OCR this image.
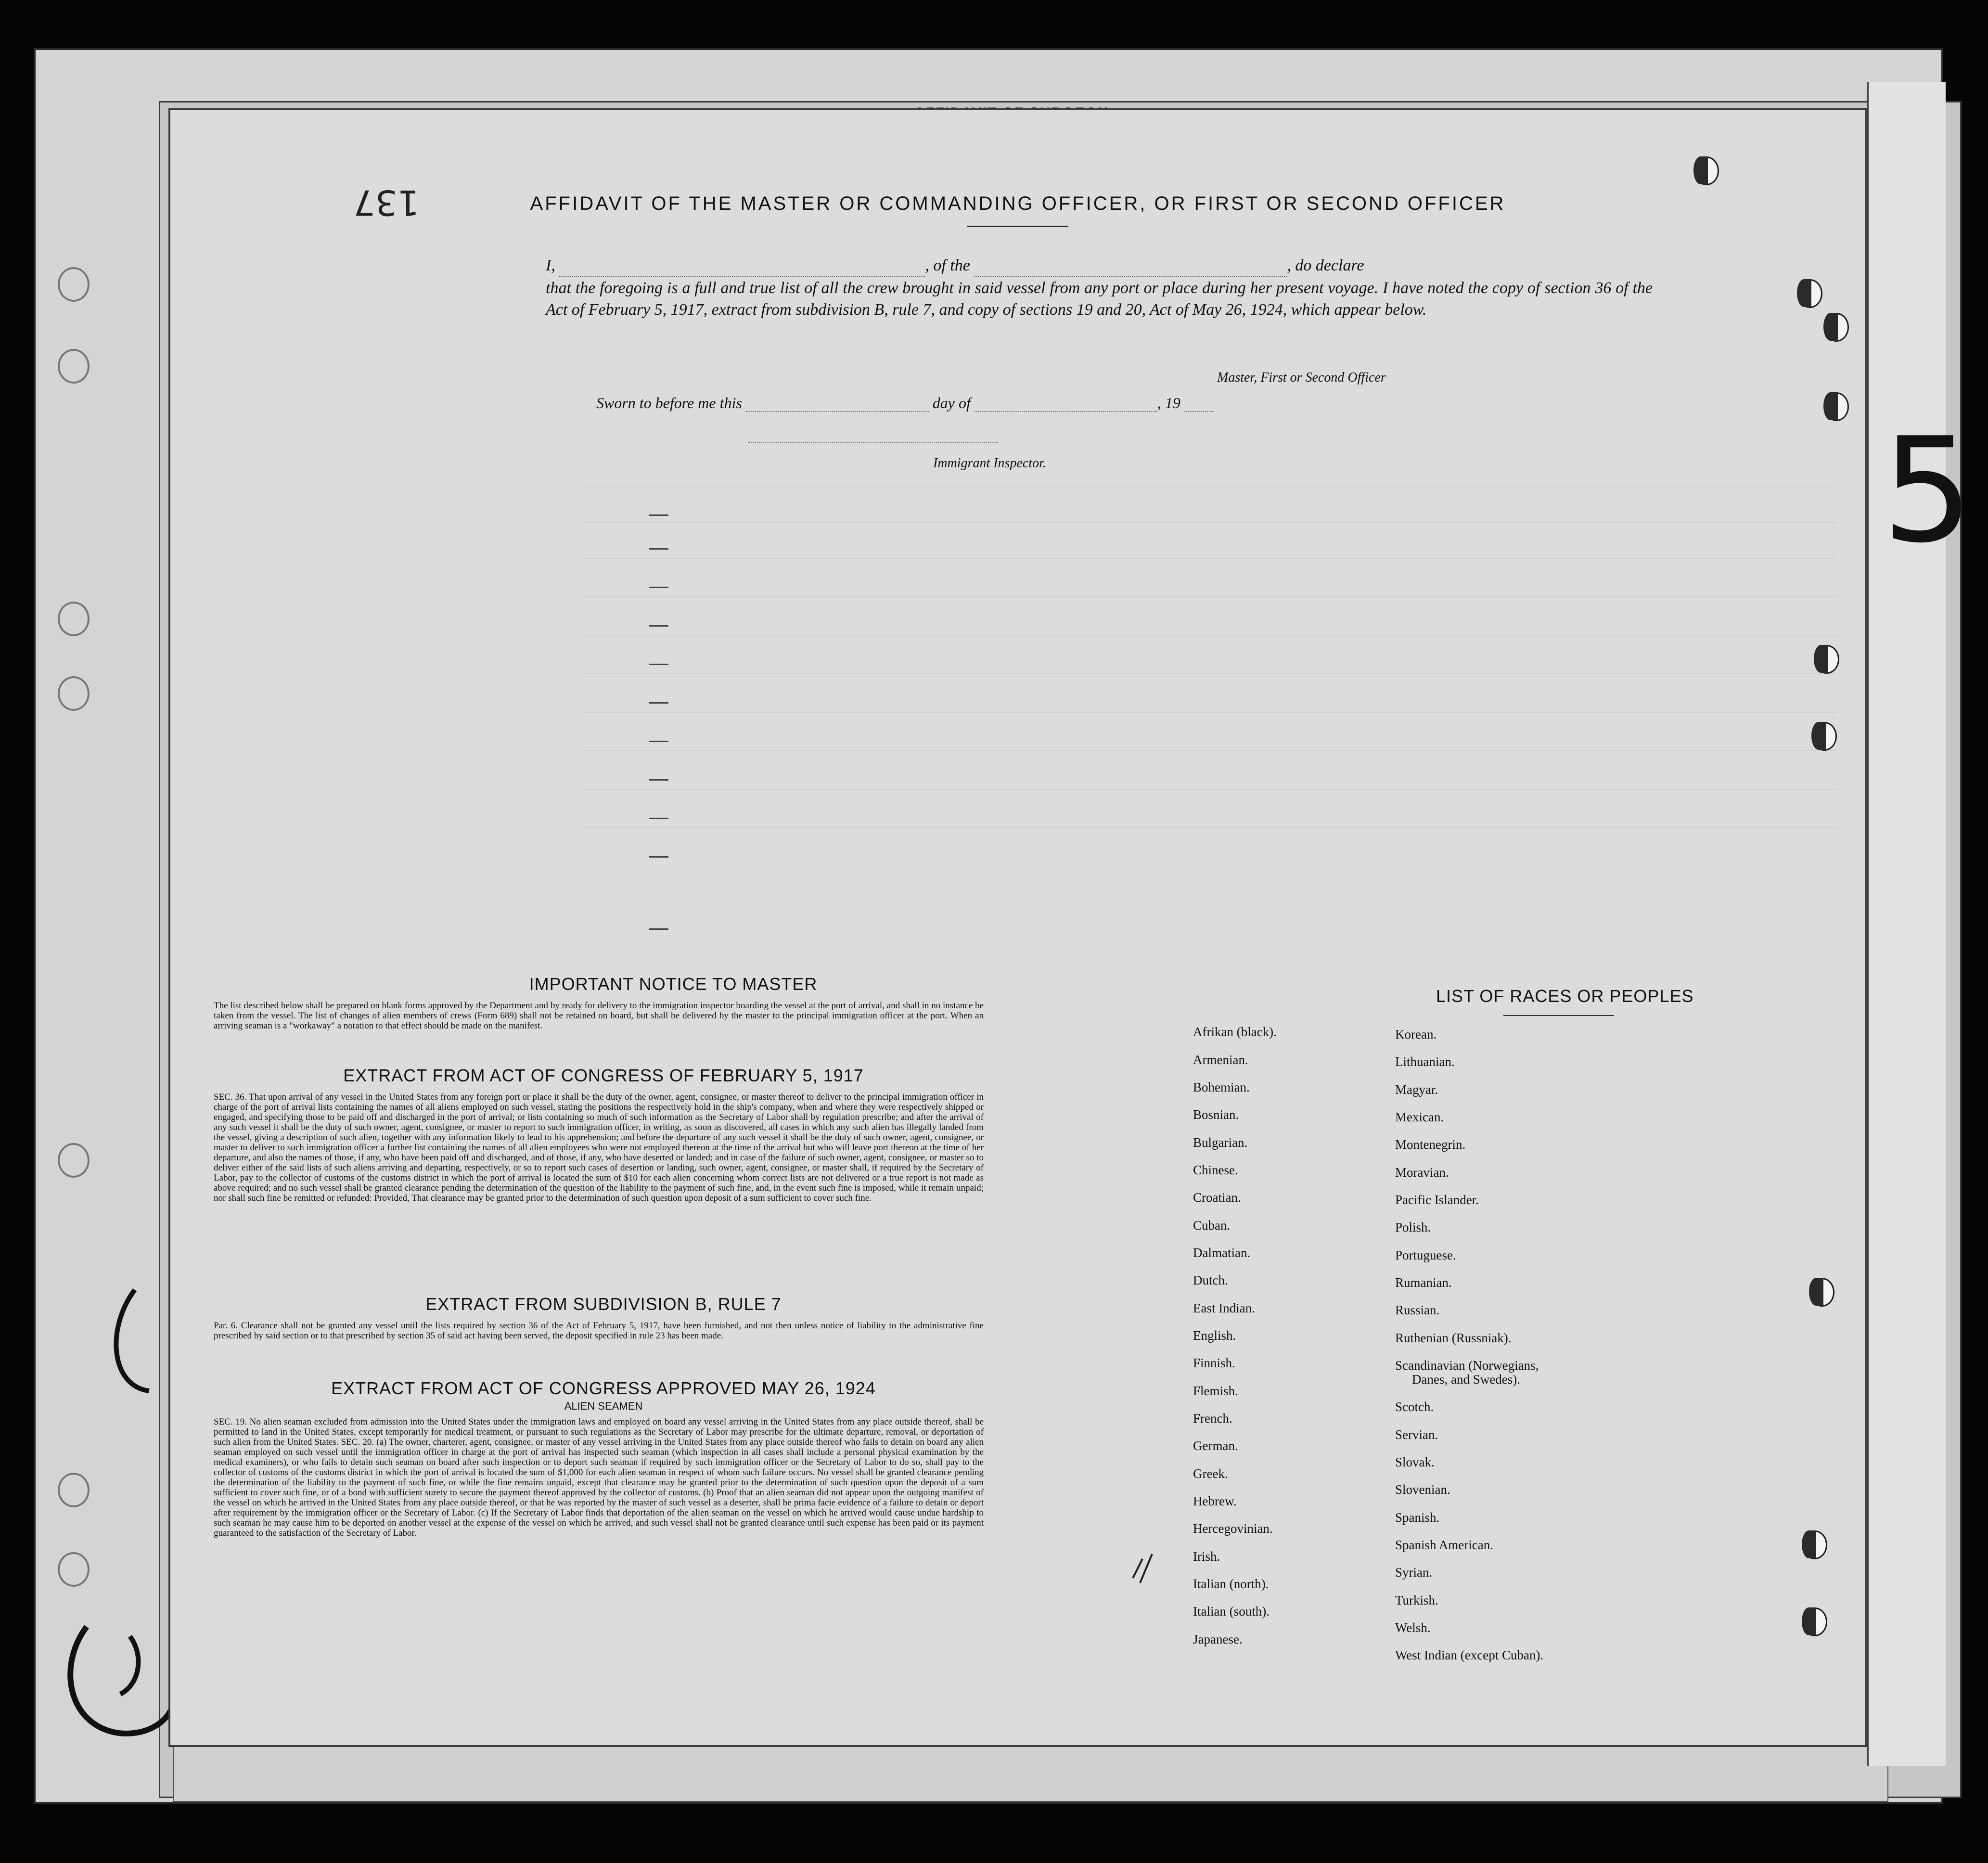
5
137	AFFIDAVIT OF THE MASTER OR COMMANDING OFFICER, OR FIRST OR SECOND OFFICER
I,	, of the	, do declare
that the foregoing is a full and true list of all the crew brought in said vessel from any port or place during her present voyage. I have noted the copy of section 36 of the Act of February 5, 1917, extract from subdivision B, rule 7, and copy of sections 19 and 20, Act of May 26, 1924, which appear below.
Master, First or Second Officer
Sworn to before me this	day of	, 19
Immigrant Inspector.
IMPORTANT NOTICE TO MASTER
The list described below shall be prepared on blank forms approved by the Department and by ready for delivery to the immigration inspector boarding the vessel at the port of arrival, and shall in no instance be taken from the vessel. The list of changes of alien members of crews (Form 689) shall not be retained on board, but shall be delivered by the master to the principal immigration officer at the port. When an arriving seaman is a "workaway" a notation to that effect should be made on the manifest.
EXTRACT FROM ACT OF CONGRESS OF FEBRUARY 5, 1917
SEC. 36. That upon arrival of any vessel in the United States from any foreign port or place it shall be the duty of the owner, agent, consignee, or master thereof to deliver to the principal immigration officer in charge of the port of arrival lists containing the names of all aliens employed on such vessel, stating the positions the respectively hold in the ship's company, when and where they were respectively shipped or engaged, and specifying those to be paid off and discharged in the port of arrival; or lists containing so much of such information as the Secretary of Labor shall by regulation prescribe; and after the arrival of any such vessel it shall be the duty of such owner, agent, consignee, or master to report to such immigration officer, in writing, as soon as discovered, all cases in which any such alien has illegally landed from the vessel, giving a description of such alien, together with any information likely to lead to his apprehension; and before the departure of any such vessel it shall be the duty of such owner, agent, consignee, or master to deliver to such immigration officer a further list containing the names of all alien employees who were not employed thereon at the time of the arrival but who will leave port thereon at the time of her departure, and also the names of those, if any, who have been paid off and discharged, and of those, if any, who have deserted or landed; and in case of the failure of such owner, agent, consignee, or master so to deliver either of the said lists of such aliens arriving and departing, respectively, or so to report such cases of desertion or landing, such owner, agent, consignee, or master shall, if required by the Secretary of Labor, pay to the collector of customs of the customs district in which the port of arrival is located the sum of $10 for each alien concerning whom correct lists are not delivered or a true report is not made as above required; and no such vessel shall be granted clearance pending the determination of the question of the liability to the payment of such fine, and, in the event such fine is imposed, while it remain unpaid; nor shall such fine be remitted or refunded: Provided, That clearance may be granted prior to the determination of such question upon deposit of a sum sufficient to cover such fine.
EXTRACT FROM SUBDIVISION B, RULE 7
Par. 6. Clearance shall not be granted any vessel until the lists required by section 36 of the Act of February 5, 1917, have been furnished, and not then unless notice of liability to the administrative fine prescribed by said section or to that prescribed by section 35 of said act having been served, the deposit specified in rule 23 has been made.
EXTRACT FROM ACT OF CONGRESS APPROVED MAY 26, 1924
ALIEN SEAMEN
SEC. 19. No alien seaman excluded from admission into the United States under the immigration laws and employed on board any vessel arriving in the United States from any place outside thereof, shall be permitted to land in the United States, except temporarily for medical treatment, or pursuant to such regulations as the Secretary of Labor may prescribe for the ultimate departure, removal, or deportation of such alien from the United States. SEC. 20. (a) The owner, charterer, agent, consignee, or master of any vessel arriving in the United States from any place outside thereof who fails to detain on board any alien seaman employed on such vessel until the immigration officer in charge at the port of arrival has inspected such seaman (which inspection in all cases shall include a personal physical examination by the medical examiners), or who fails to detain such seaman on board after such inspection or to deport such seaman if required by such immigration officer or the Secretary of Labor to do so, shall pay to the collector of customs of the customs district in which the port of arrival is located the sum of $1,000 for each alien seaman in respect of whom such failure occurs. No vessel shall be granted clearance pending the determination of the liability to the payment of such fine, or while the fine remains unpaid, except that clearance may be granted prior to the determination of such question upon the deposit of a sum sufficient to cover such fine, or of a bond with sufficient surety to secure the payment thereof approved by the collector of customs. (b) Proof that an alien seaman did not appear upon the outgoing manifest of the vessel on which he arrived in the United States from any place outside thereof, or that he was reported by the master of such vessel as a deserter, shall be prima facie evidence of a failure to detain or deport after requirement by the immigration officer or the Secretary of Labor. (c) If the Secretary of Labor finds that deportation of the alien seaman on the vessel on which he arrived would cause undue hardship to such seaman he may cause him to be deported on another vessel at the expense of the vessel on which he arrived, and such vessel shall not be granted clearance until such expense has been paid or its payment guaranteed to the satisfaction of the Secretary of Labor.
LIST OF RACES OR PEOPLES
Afrikan (black).
Armenian.
Bohemian.
Bosnian.
Bulgarian.
Chinese.
Croatian.
Cuban.
Dalmatian.
Dutch.
East Indian.
English.
Finnish.
Flemish.
French.
German.
Greek.
Hebrew.
Hercegovinian.
Irish.
Italian (north).
Italian (south).
Japanese.
Korean.
Lithuanian.
Magyar.
Mexican.
Montenegrin.
Moravian.
Pacific Islander.
Polish.
Portuguese.
Rumanian.
Russian.
Ruthenian (Russniak).
Scandinavian (Norwegians,
Danes, and Swedes).
Scotch.
Servian.
Slovak.
Slovenian.
Spanish.
Spanish American.
Syrian.
Turkish.
Welsh.
West Indian (except Cuban).
